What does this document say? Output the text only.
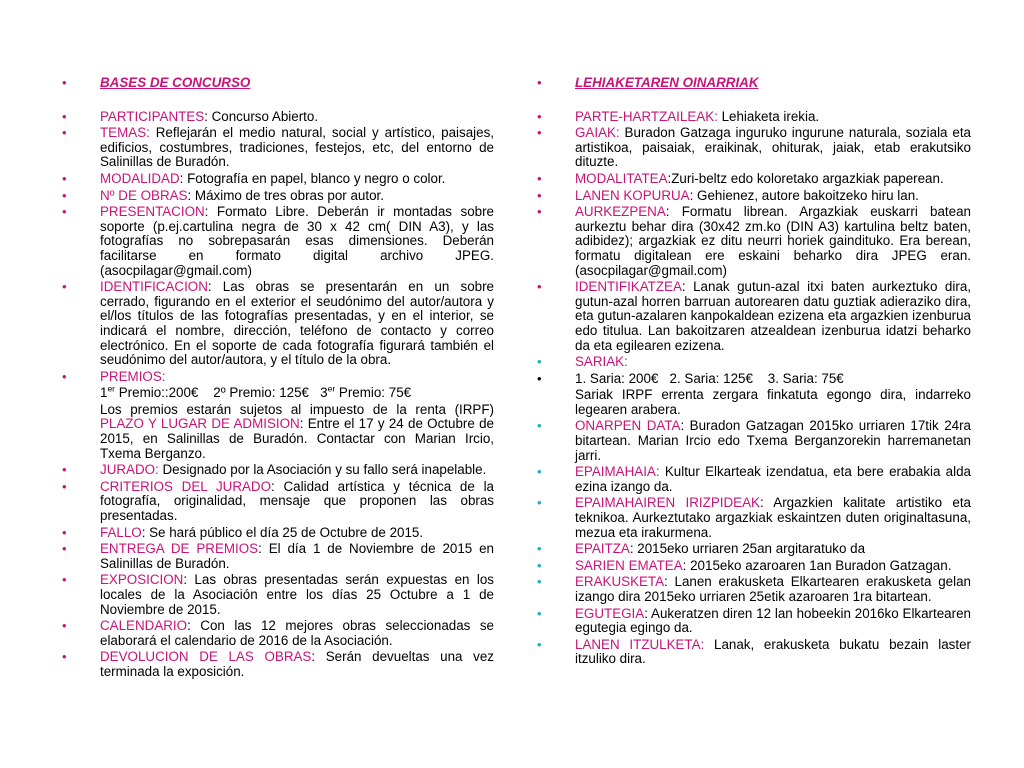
• BASES DE CONCURSO
• PARTICIPANTES: Concurso Abierto.
• TEMAS: Reflejarán el medio natural, social y artístico, paisajes, edificios, costumbres, tradiciones, festejos, etc, del entorno de Salinillas de Buradón.
• MODALIDAD: Fotografía en papel, blanco y negro o color.
• Nº DE OBRAS: Máximo de tres obras por autor.
• PRESENTACION: Formato Libre. Deberán ir montadas sobre soporte (p.ej.cartulina negra de 30 x 42 cm( DIN A3), y las fotografías no sobrepasarán esas dimensiones. Deberán facilitarse en formato digital archivo JPEG.(asocpilagar@gmail.com)
• IDENTIFICACION: Las obras se presentarán en un sobre cerrado, figurando en el exterior el seudónimo del autor/autora y el/los títulos de las fotografías presentadas, y en el interior, se indicará el nombre, dirección, teléfono de contacto y correo electrónico. En el soporte de cada fotografía figurará también el seudónimo del autor/autora, y el título de la obra.
• PREMIOS:
1er Premio::200€ 2º Premio: 125€ 3er Premio: 75€
Los premios estarán sujetos al impuesto de la renta (IRPF) PLAZO Y LUGAR DE ADMISION: Entre el 17 y 24 de Octubre de 2015, en Salinillas de Buradón. Contactar con Marian Ircio, Txema Berganzo.
• JURADO: Designado por la Asociación y su fallo será inapelable.
• CRITERIOS DEL JURADO: Calidad artística y técnica de la fotografía, originalidad, mensaje que proponen las obras presentadas.
• FALLO: Se hará público el día 25 de Octubre de 2015.
• ENTREGA DE PREMIOS: El día 1 de Noviembre de 2015 en Salinillas de Buradón.
• EXPOSICION: Las obras presentadas serán expuestas en los locales de la Asociación entre los días 25 Octubre a 1 de Noviembre de 2015.
• CALENDARIO: Con las 12 mejores obras seleccionadas se elaborará el calendario de 2016 de la Asociación.
• DEVOLUCION DE LAS OBRAS: Serán devueltas una vez terminada la exposición.
• LEHIAKETAREN OINARRIAK
• PARTE-HARTZAILEAK: Lehiaketa irekia.
• GAIAK: Buradon Gatzaga inguruko ingurune naturala, soziala eta artistikoa, paisaiak, eraikinak, ohiturak, jaiak, etab erakutsiko dituzte.
• MODALITATEA:Zuri-beltz edo koloretako argazkiak paperean.
• LANEN KOPURUA: Gehienez, autore bakoitzeko hiru lan.
• AURKEZPENA: Formatu librean. Argazkiak euskarri batean aurkeztu behar dira (30x42 zm.ko (DIN A3) kartulina beltz baten, adibidez); argazkiak ez ditu neurri horiek gaindituko. Era berean, formatu digitalean ere eskaini beharko dira JPEG eran. (asocpilagar@gmail.com)
• IDENTIFIKATZEA: Lanak gutun-azal itxi baten aurkeztuko dira, gutun-azal horren barruan autorearen datu guztiak adieraziko dira, eta gutun-azalaren kanpokaldean ezizena eta argazkien izenburua edo titulua. Lan bakoitzaren atzealdean izenburua idatzi beharko da eta egilearen ezizena.
• SARIAK:
• 1. Saria: 200€   2. Saria: 125€    3. Saria: 75€
Sariak IRPF errenta zergara finkatuta egongo dira, indarreko legearen arabera.
• ONARPEN DATA: Buradon Gatzagan 2015ko urriaren 17tik 24ra bitartean. Marian Ircio edo Txema Berganzorekin harremanetan jarri.
• EPAIMAHAIA: Kultur Elkarteak izendatua, eta bere erabakia alda ezina izango da.
• EPAIMAHAIREN IRIZPIDEAK: Argazkien kalitate artistiko eta teknikoa. Aurkeztutako argazkiak eskaintzen duten originaltasuna, mezua eta irakurmena.
• EPAITZA: 2015eko urriaren 25an argitaratuko da
• SARIEN EMATEA: 2015eko azaroaren 1an Buradon Gatzagan.
• ERAKUSKETA: Lanen erakusketa Elkartearen erakusketa gelan izango dira 2015eko urriaren 25etik azaroaren 1ra bitartean.
• EGUTEGIA: Aukeratzen diren 12 lan hobeekin 2016ko Elkartearen egutegia egingo da.
• LANEN ITZULKETA: Lanak, erakusketa bukatu bezain laster itzuliko dira.
